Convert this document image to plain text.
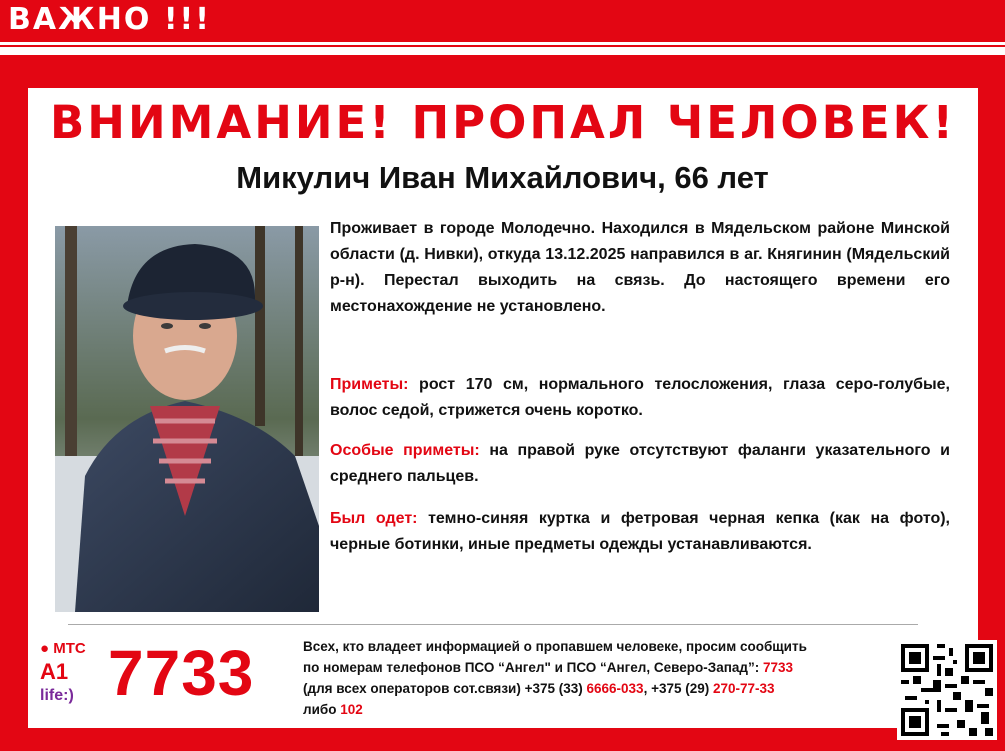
ВАЖНО !!!
ВНИМАНИЕ! ПРОПАЛ ЧЕЛОВЕК!
Микулич Иван Михайлович, 66 лет
Проживает в городе Молодечно. Находился в Мядельском районе Минской области (д. Нивки), откуда 13.12.2025 направился в аг. Княгинин (Мядельский р-н). Перестал выходить на связь. До настоящего времени его местонахождение не установлено.
Приметы: рост 170 см, нормального телосложения, глаза серо-голубые, волос седой, стрижется очень коротко.
Особые приметы: на правой руке отсутствуют фаланги указательного и среднего пальцев.
Был одет: темно-синяя куртка и фетровая черная кепка (как на фото), черные ботинки, иные предметы одежды устанавливаются.
● МТС
A1
life:) 7733	Всех, кто владеет информацией о пропавшем человеке, просим сообщить
по номерам телефонов ПСО “Ангел" и ПСО “Ангел, Северо-Запад”: 7733
(для всех операторов сот.связи) +375 (33) 6666-033, +375 (29) 270-77-33
либо 102
